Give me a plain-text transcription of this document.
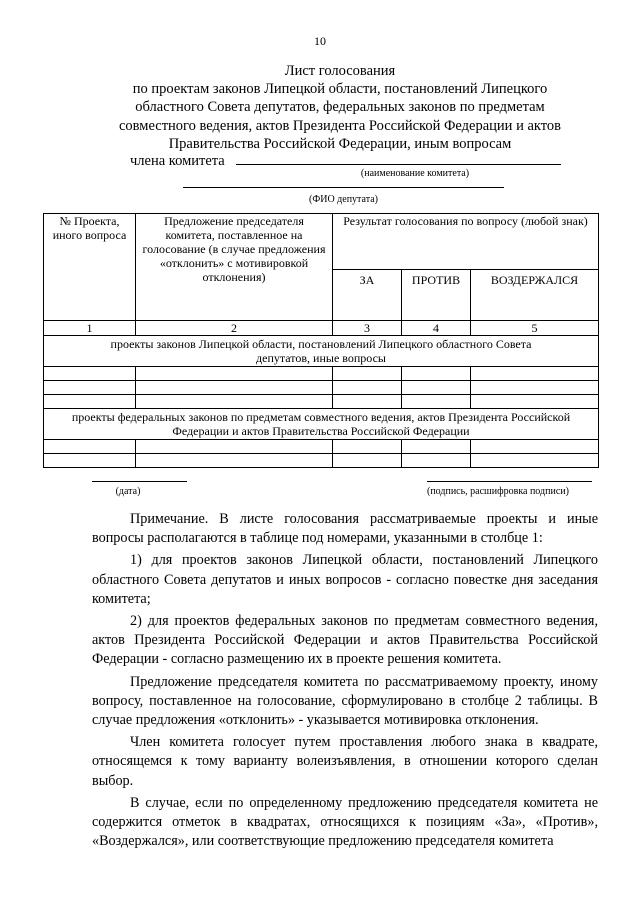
10
Лист голосования
по проектам законов Липецкой области, постановлений Липецкого
областного Совета депутатов, федеральных законов по предметам
совместного ведения, актов Президента Российской Федерации и актов
Правительства Российской Федерации, иным вопросам
члена комитета
(наименование комитета)
(ФИО депутата)
№ Проекта, иного вопроса	Предложение председателя комитета, поставленное на голосование (в случае предложения «отклонить» с мотивировкой отклонения)	Результат голосования по вопросу (любой знак)		
		ЗА	ПРОТИВ	ВОЗДЕРЖАЛСЯ
1	2	3	4	5
проекты законов Липецкой области, постановлений Липецкого областного Совета депутатов, иные вопросы				

проекты федеральных законов по предметам совместного ведения, актов Президента Российской Федерации и актов Правительства Российской Федерации				

(дата)	(подпись, расшифровка подписи)

Примечание. В листе голосования рассматриваемые проекты и иные вопросы располагаются в таблице под номерами, указанными в столбце 1:

1) для проектов законов Липецкой области, постановлений Липецкого областного Совета депутатов и иных вопросов - согласно повестке дня заседания комитета;

2) для проектов федеральных законов по предметам совместного ведения, актов Президента Российской Федерации и актов Правительства Российской Федерации - согласно размещению их в проекте решения комитета.

Предложение председателя комитета по рассматриваемому проекту, иному вопросу, поставленное на голосование, сформулировано в столбце 2 таблицы. В случае предложения «отклонить» - указывается мотивировка отклонения.

Член комитета голосует путем проставления любого знака в квадрате, относящемся к тому варианту волеизъявления, в отношении которого сделан выбор.

В случае, если по определенному предложению председателя комитета не содержится отметок в квадратах, относящихся к позициям «За», «Против», «Воздержался», или соответствующие предложению председателя комитета
